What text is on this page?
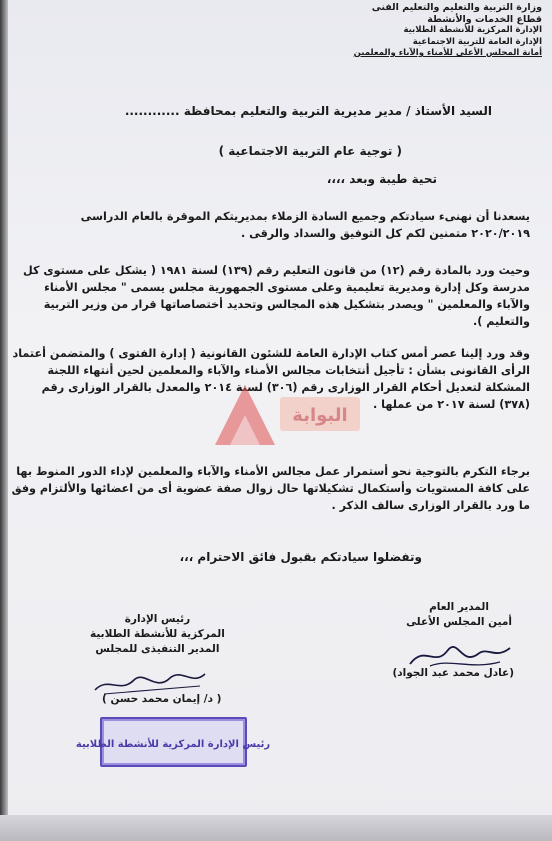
وزارة التربية والتعليم والتعليم الفنى
قطاع الخدمات والأنشطة
الإدارة المركزية للأنشطة الطلابية
الإدارة العامة للتربية الاجتماعية
أمانة المجلس الأعلى للأمناء والآباء والمعلمين
السيد الأستاذ / مدير مديرية التربية والتعليم بمحافظة ............
( توجية عام التربية الاجتماعية )
تحية طيبة وبعد ،،،،
يسعدنا أن نهنىء سيادتكم وجميع السادة الزملاء بمديريتكم الموقرة بالعام الدراسى
٢٠٢٠/٢٠١٩ متمنين لكم كل التوفيق والسداد والرقى .
وحيث ورد بالمادة رقم (١٢) من قانون التعليم رقم (١٣٩) لسنة ١٩٨١ ( يشكل على مستوى كل
مدرسة وكل إدارة ومديرية تعليمية وعلى مستوى الجمهورية مجلس يسمى " مجلس الأمناء
والآباء والمعلمين " ويصدر بتشكيل هذه المجالس وتحديد أختصاصاتها قرار من وزير التربية
والتعليم ).
وقد ورد إلينا عصر أمس كتاب الإدارة العامة للشئون القانونية ( إدارة الفتوى ) والمتضمن أعتماد
الرأى القانونى بشأن : تأجيل أنتخابات مجالس الأمناء والآباء والمعلمين لحين أنتهاء اللجنة
المشكلة لتعديل أحكام القرار الوزارى رقم (٣٠٦) لسنة ٢٠١٤ والمعدل بالقرار الوزارى رقم
(٣٧٨) لسنة ٢٠١٧ من عملها .
البوابة
برجاء التكرم بالتوجية نحو أستمرار عمل مجالس الأمناء والآباء والمعلمين لإداء الدور المنوط بها
على كافة المستويات وأستكمال تشكيلاتها حال زوال صفة عضوية أى من اعضائها والألتزام وفق
ما ورد بالقرار الوزارى سالف الذكر .
وتفضلوا سيادتكم بقبول فائق الاحترام ،،،
المدير العام
أمين المجلس الأعلى
(عادل محمد عبد الجواد)
رئيس الإدارة
المركزية للأنشطة الطلابية
المدير التنفيذى للمجلس
( د/ إيمان محمد حسن )
رئيس الإدارة المركزية للأنشطة الطلابية
